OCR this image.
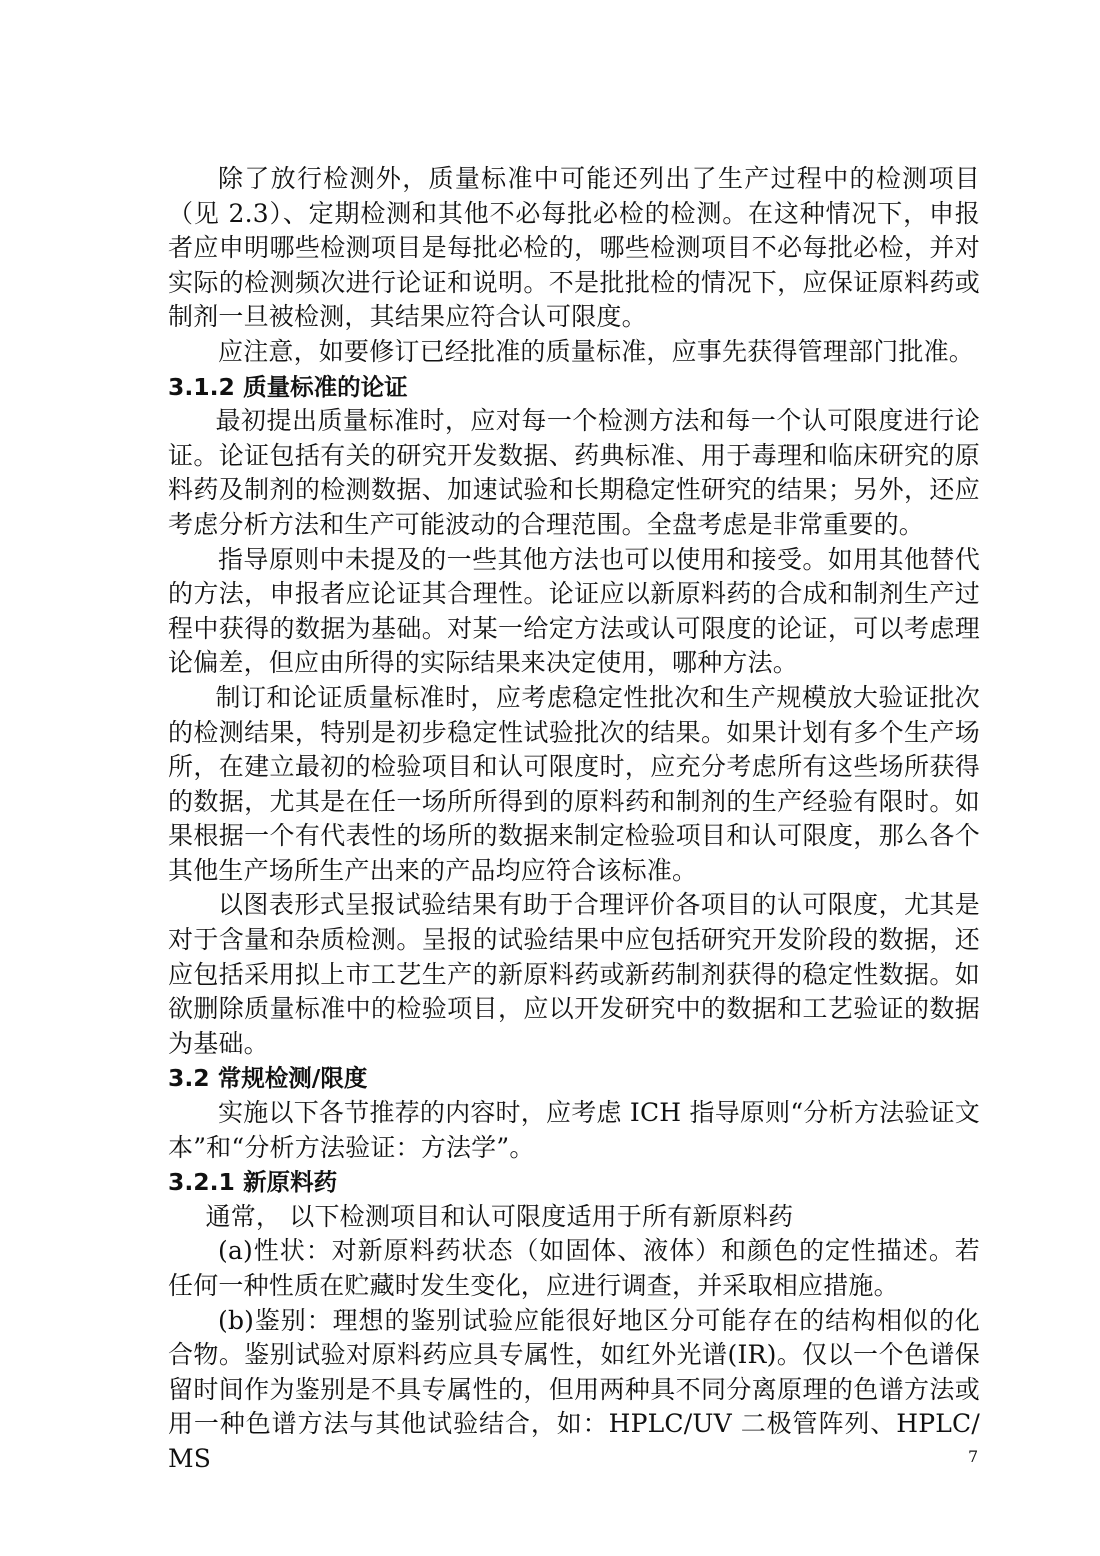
除了放行检测外，质量标准中可能还列出了生产过程中的检测项目（见 2.3）、定期检测和其他不必每批必检的检测。在这种情况下，申报者应申明哪些检测项目是每批必检的，哪些检测项目不必每批必检，并对实际的检测频次进行论证和说明。不是批批检的情况下，应保证原料药或制剂一旦被检测，其结果应符合认可限度。

应注意，如要修订已经批准的质量标准，应事先获得管理部门批准。

3.1.2 质量标准的论证

最初提出质量标准时，应对每一个检测方法和每一个认可限度进行论证。论证包括有关的研究开发数据、药典标准、用于毒理和临床研究的原料药及制剂的检测数据、加速试验和长期稳定性研究的结果；另外，还应考虑分析方法和生产可能波动的合理范围。全盘考虑是非常重要的。

指导原则中未提及的一些其他方法也可以使用和接受。如用其他替代的方法，申报者应论证其合理性。论证应以新原料药的合成和制剂生产过程中获得的数据为基础。对某一给定方法或认可限度的论证，可以考虑理论偏差，但应由所得的实际结果来决定使用，哪种方法。

制订和论证质量标准时，应考虑稳定性批次和生产规模放大验证批次的检测结果，特别是初步稳定性试验批次的结果。如果计划有多个生产场所，在建立最初的检验项目和认可限度时，应充分考虑所有这些场所获得的数据，尤其是在任一场所所得到的原料药和制剂的生产经验有限时。如果根据一个有代表性的场所的数据来制定检验项目和认可限度，那么各个其他生产场所生产出来的产品均应符合该标准。

以图表形式呈报试验结果有助于合理评价各项目的认可限度，尤其是对于含量和杂质检测。呈报的试验结果中应包括研究开发阶段的数据，还应包括采用拟上市工艺生产的新原料药或新药制剂获得的稳定性数据。如欲删除质量标准中的检验项目，应以开发研究中的数据和工艺验证的数据为基础。

3.2 常规检测/限度

实施以下各节推荐的内容时，应考虑 ICH 指导原则“分析方法验证文本”和“分析方法验证：方法学”。

3.2.1 新原料药

通常， 以下检测项目和认可限度适用于所有新原料药

(a)性状：对新原料药状态（如固体、液体）和颜色的定性描述。若任何一种性质在贮藏时发生变化，应进行调查，并采取相应措施。

(b)鉴别：理想的鉴别试验应能很好地区分可能存在的结构相似的化合物。鉴别试验对原料药应具专属性，如红外光谱(IR)。仅以一个色谱保留时间作为鉴别是不具专属性的，但用两种具不同分离原理的色谱方法或用一种色谱方法与其他试验结合，如：HPLC/UV 二极管阵列、HPLC/MS	7
